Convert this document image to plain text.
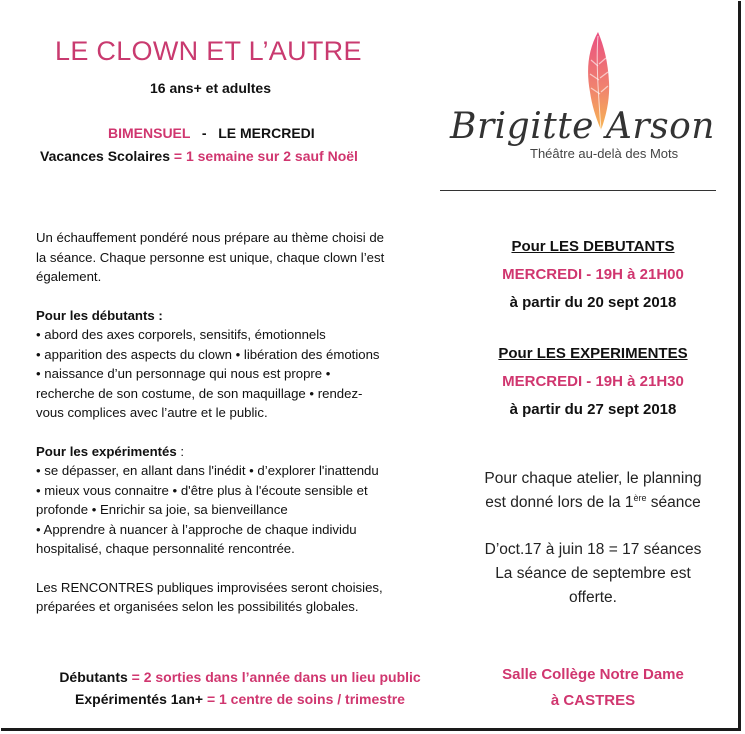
LE CLOWN ET L’AUTRE
16 ans+ et adultes
BIMENSUEL - LE MERCREDI
Vacances Scolaires = 1 semaine sur 2 sauf Noël
Brigitte Arson
Théâtre au-delà des Mots

Un échauffement pondéré nous prépare au thème choisi de

la séance. Chaque personne est unique, chaque clown l’est

également.

Pour les débutants :

• abord des axes corporels, sensitifs, émotionnels

• apparition des aspects du clown • libération des émotions

• naissance d’un personnage qui nous est propre •

recherche de son costume, de son maquillage • rendez-

vous complices avec l’autre et le public.

Pour les expérimentés :

• se dépasser, en allant dans l'inédit • d’explorer l'inattendu

• mieux vous connaitre • d'être plus à l'écoute sensible et

profonde • Enrichir sa joie, sa bienveillance

• Apprendre à nuancer à l’approche de chaque individu

hospitalisé, chaque personnalité rencontrée.

Les RENCONTRES publiques improvisées seront choisies,

préparées et organisées selon les possibilités globales.

Pour LES DEBUTANTS
MERCREDI - 19H à 21H00
à partir du 20 sept 2018
Pour LES EXPERIMENTES
MERCREDI - 19H à 21H30
à partir du 27 sept 2018
Pour chaque atelier, le planning
est donné lors de la 1ère séance
D’oct.17 à juin 18 = 17 séances
La séance de septembre est
offerte.
Salle Collège Notre Dame
à CASTRES
Débutants = 2 sorties dans l’année dans un lieu public
Expérimentés 1an+ = 1 centre de soins / trimestre
